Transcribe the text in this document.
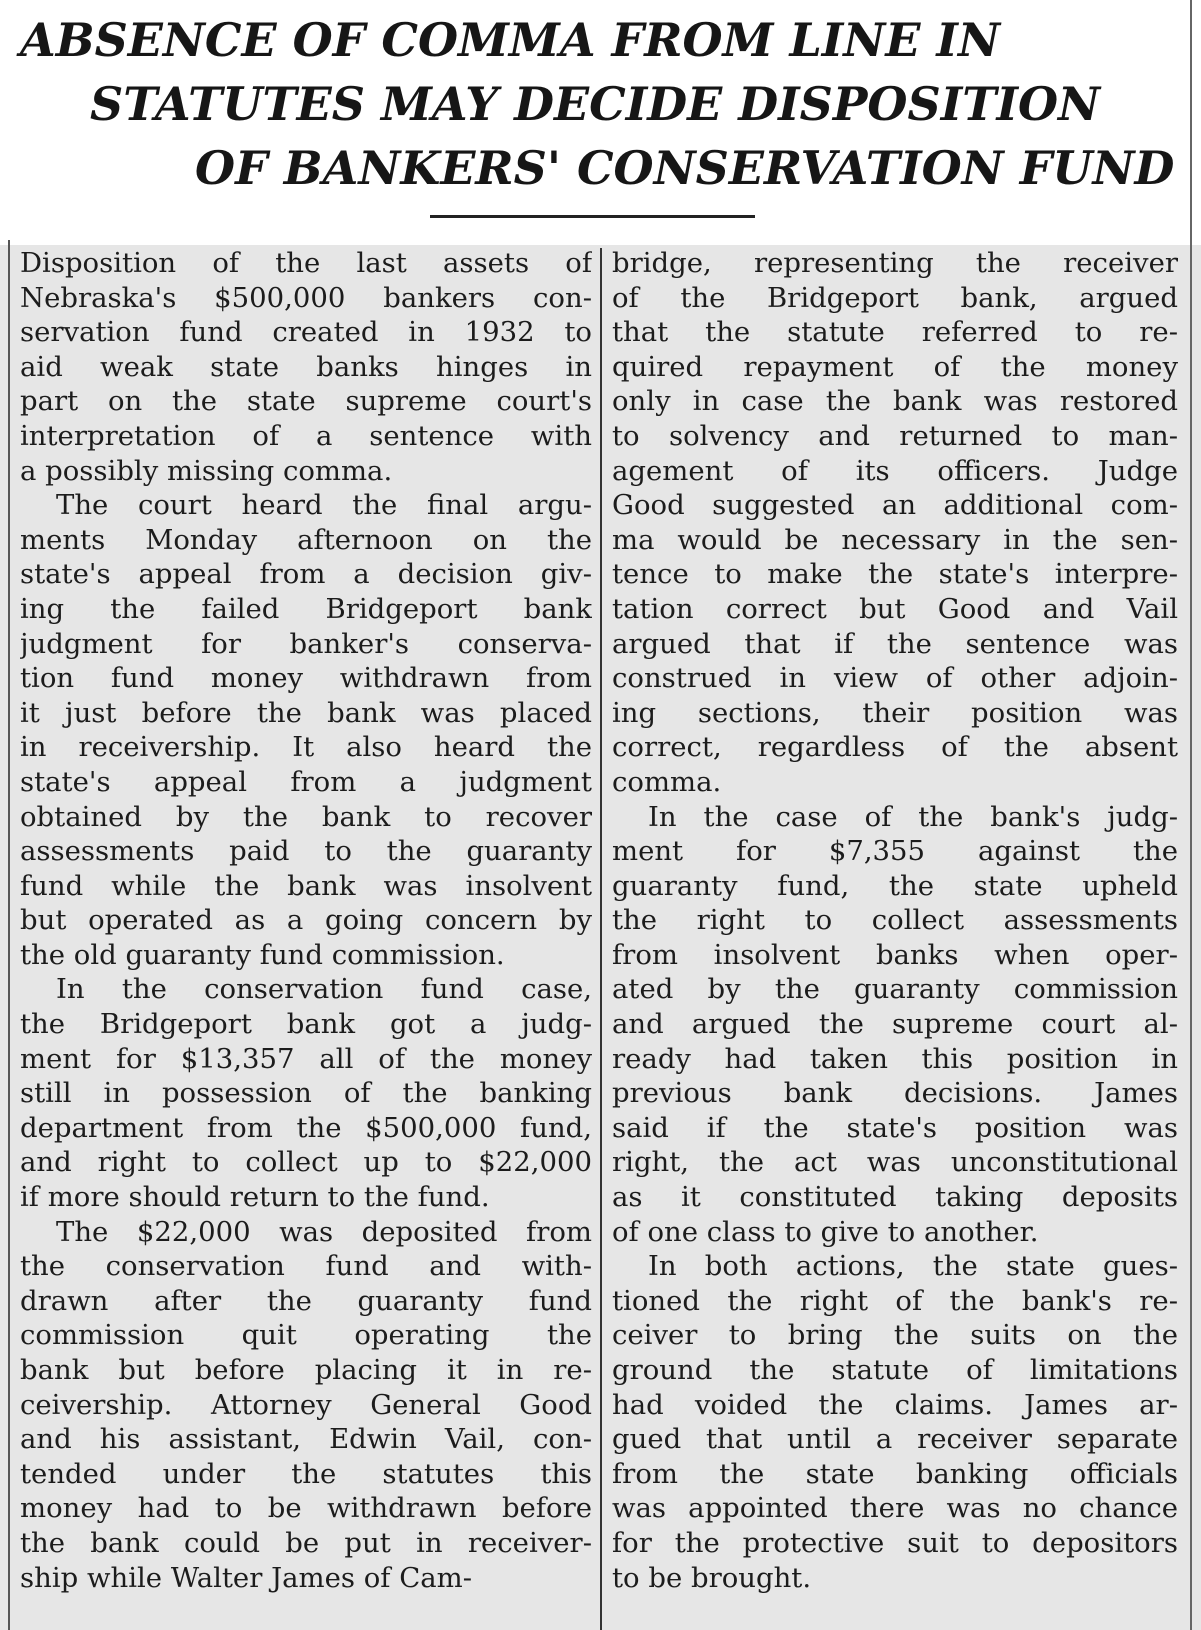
ABSENCE OF COMMA FROM LINE IN
STATUTES MAY DECIDE DISPOSITION
OF BANKERS' CONSERVATION FUND
Disposition of the last assets of
Nebraska's $500,000 bankers con-
servation fund created in 1932 to
aid weak state banks hinges in
part on the state supreme court's
interpretation of a sentence with
a possibly missing comma.
The court heard the final argu-
ments Monday afternoon on the
state's appeal from a decision giv-
ing the failed Bridgeport bank
judgment for banker's conserva-
tion fund money withdrawn from
it just before the bank was placed
in receivership. It also heard the
state's appeal from a judgment
obtained by the bank to recover
assessments paid to the guaranty
fund while the bank was insolvent
but operated as a going concern by
the old guaranty fund commission.
In the conservation fund case,
the Bridgeport bank got a judg-
ment for $13,357 all of the money
still in possession of the banking
department from the $500,000 fund,
and right to collect up to $22,000
if more should return to the fund.
The $22,000 was deposited from
the conservation fund and with-
drawn after the guaranty fund
commission quit operating the
bank but before placing it in re-
ceivership. Attorney General Good
and his assistant, Edwin Vail, con-
tended under the statutes this
money had to be withdrawn before
the bank could be put in receiver-
ship while Walter James of Cam-
bridge, representing the receiver
of the Bridgeport bank, argued
that the statute referred to re-
quired repayment of the money
only in case the bank was restored
to solvency and returned to man-
agement of its officers. Judge
Good suggested an additional com-
ma would be necessary in the sen-
tence to make the state's interpre-
tation correct but Good and Vail
argued that if the sentence was
construed in view of other adjoin-
ing sections, their position was
correct, regardless of the absent
comma.
In the case of the bank's judg-
ment for $7,355 against the
guaranty fund, the state upheld
the right to collect assessments
from insolvent banks when oper-
ated by the guaranty commission
and argued the supreme court al-
ready had taken this position in
previous bank decisions. James
said if the state's position was
right, the act was unconstitutional
as it constituted taking deposits
of one class to give to another.
In both actions, the state gues-
tioned the right of the bank's re-
ceiver to bring the suits on the
ground the statute of limitations
had voided the claims. James ar-
gued that until a receiver separate
from the state banking officials
was appointed there was no chance
for the protective suit to depositors
to be brought.
